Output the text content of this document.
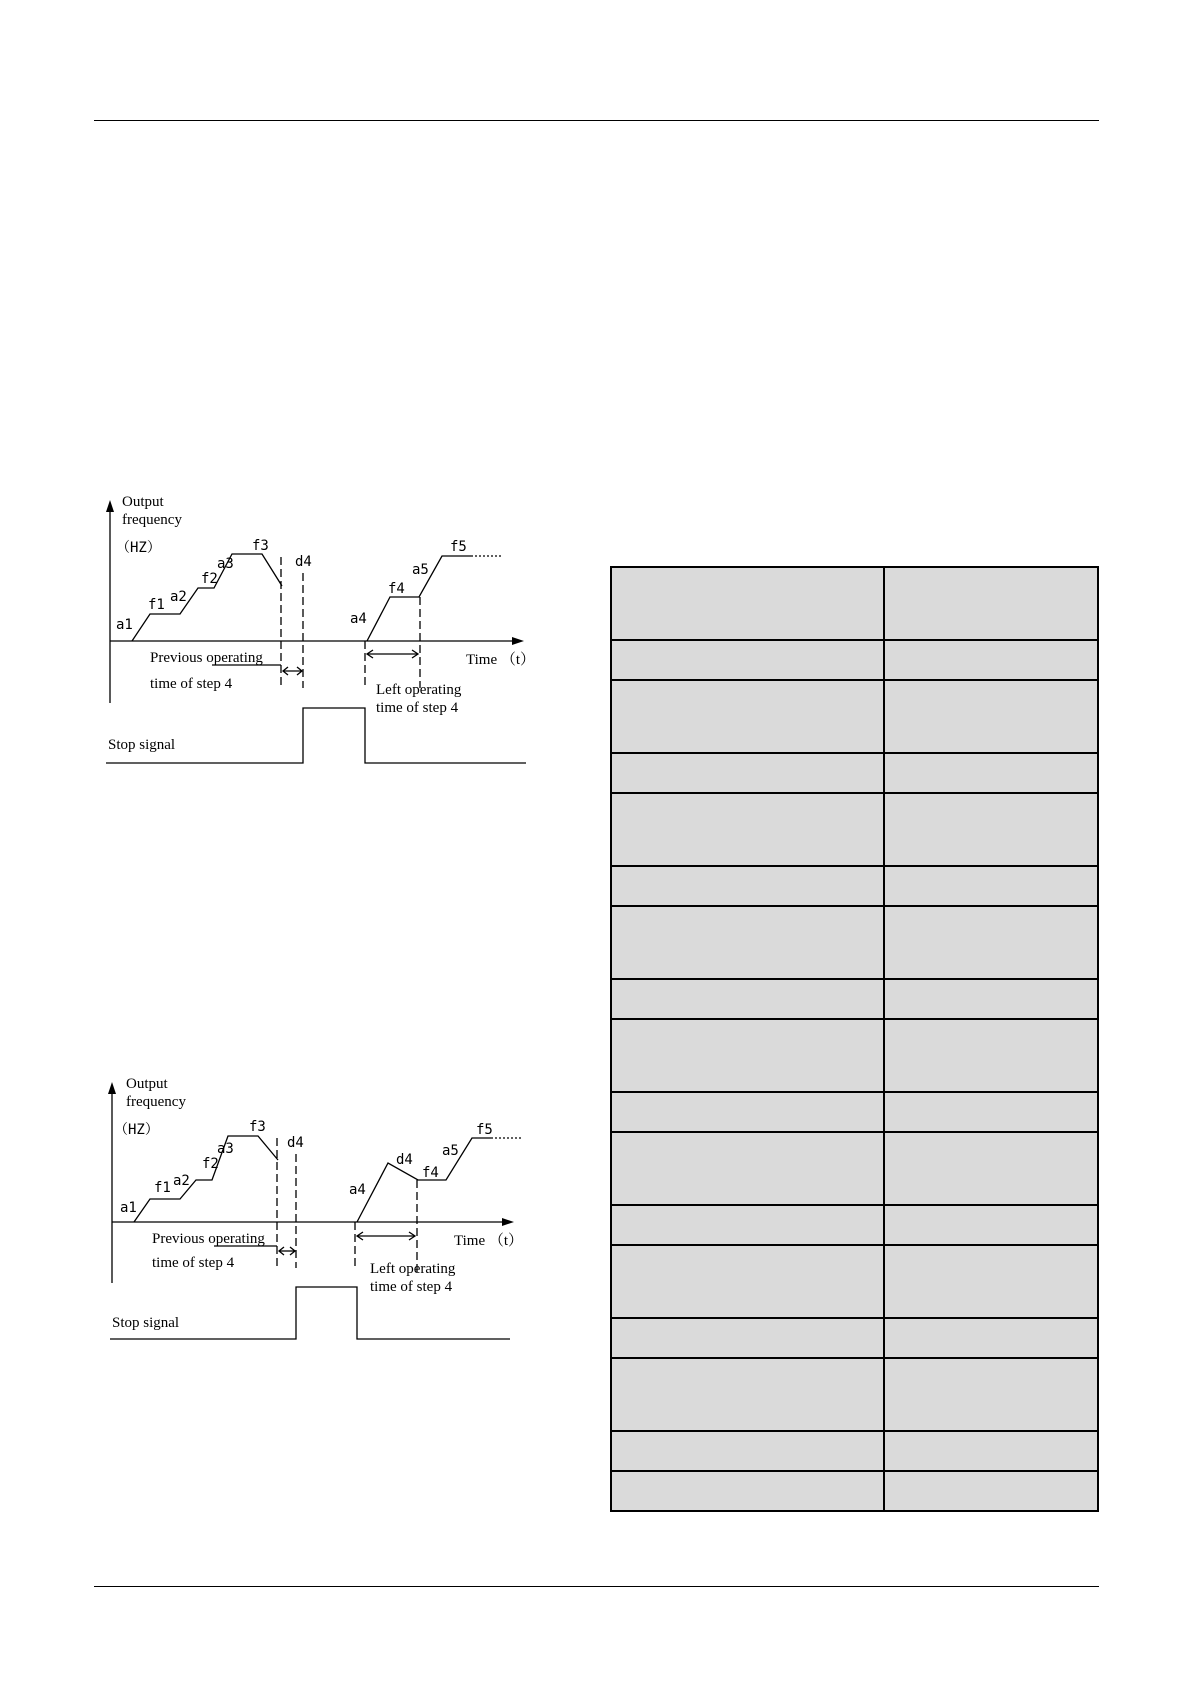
Output
frequency
（HZ）
a1
f1 a2
f2
a3
f3
d4
a4
f4
a5
f5
Time （t）
Previous operating
time of step 4	Left operating
time of step 4
Stop signal
Output
frequency
（HZ）
a1
f1 a2
f2
a3
f3
d4
a4
d4
f4
a5
f5
Time （t）
Previous operating
time of step 4	Left operating
time of step 4
Stop signal
